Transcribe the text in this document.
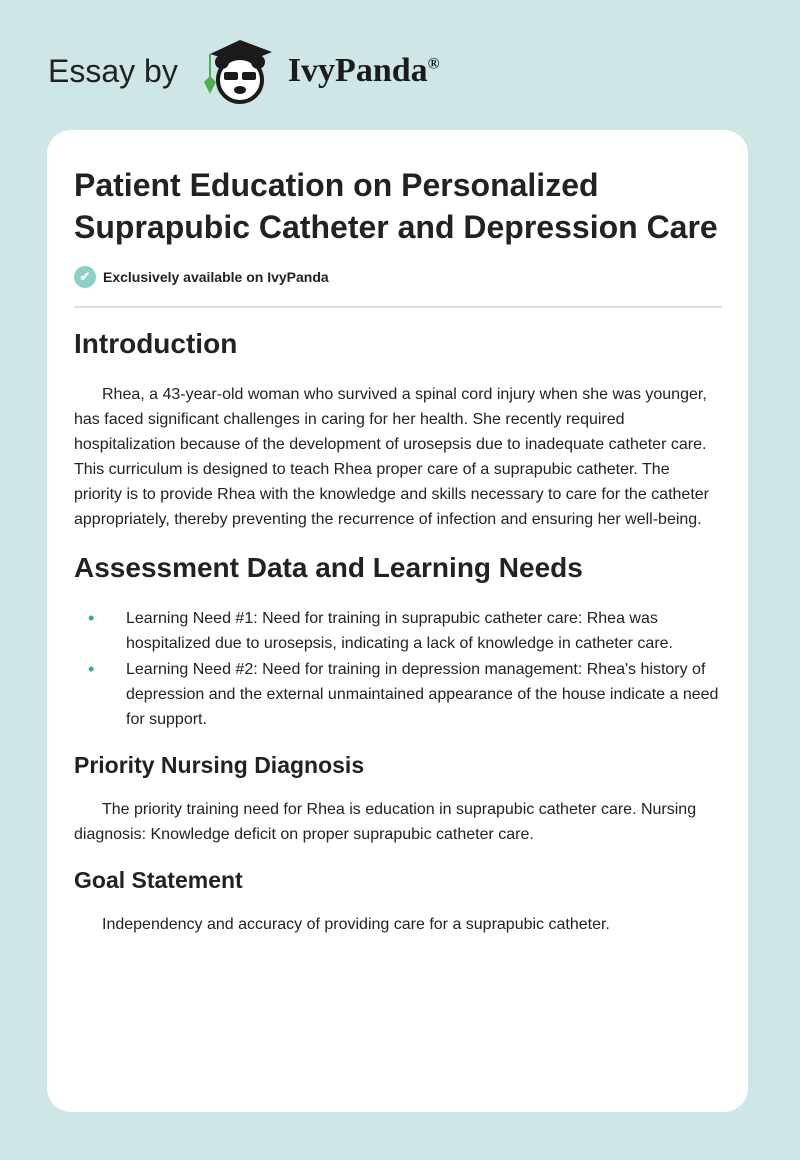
Essay by	IvyPanda®
Patient Education on Personalized Suprapubic Catheter and Depression Care
✔ Exclusively available on IvyPanda
Introduction

Rhea, a 43-year-old woman who survived a spinal cord injury when she was younger, has faced significant challenges in caring for her health. She recently required hospitalization because of the development of urosepsis due to inadequate catheter care. This curriculum is designed to teach Rhea proper care of a suprapubic catheter. The priority is to provide Rhea with the knowledge and skills necessary to care for the catheter appropriately, thereby preventing the recurrence of infection and ensuring her well-being.

Assessment Data and Learning Needs
• Learning Need #1: Need for training in suprapubic catheter care: Rhea was hospitalized due to urosepsis, indicating a lack of knowledge in catheter care.
• Learning Need #2: Need for training in depression management: Rhea's history of depression and the external unmaintained appearance of the house indicate a need for support.
Priority Nursing Diagnosis

The priority training need for Rhea is education in suprapubic catheter care. Nursing diagnosis: Knowledge deficit on proper suprapubic catheter care.

Goal Statement

Independency and accuracy of providing care for a suprapubic catheter.
